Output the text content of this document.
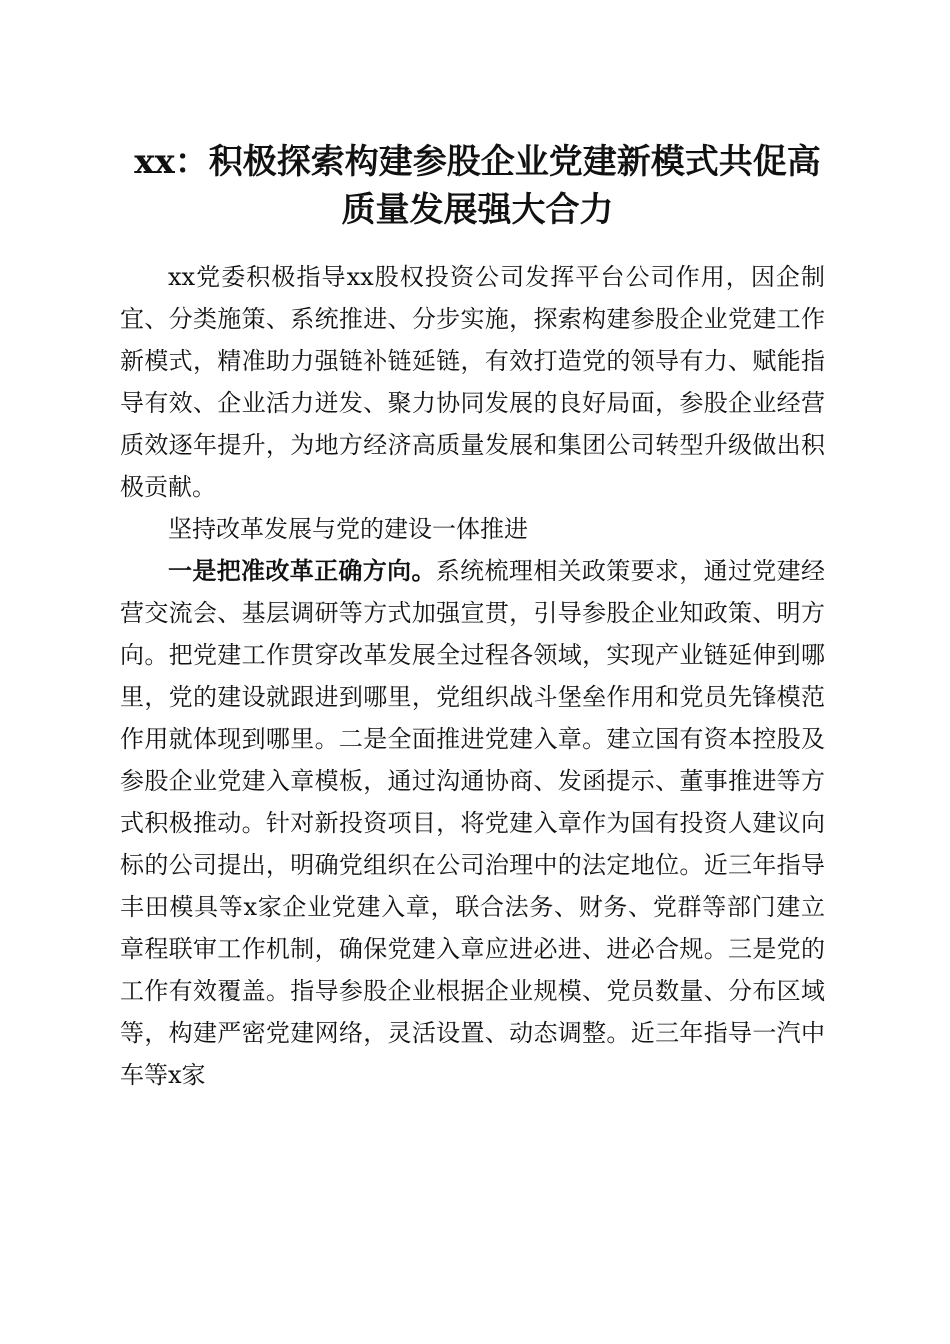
xx：积极探索构建参股企业党建新模式共促高质量发展强大合力

xx党委积极指导xx股权投资公司发挥平台公司作用，因企制宜、分类施策、系统推进、分步实施，探索构建参股企业党建工作新模式，精准助力强链补链延链，有效打造党的领导有力、赋能指导有效、企业活力迸发、聚力协同发展的良好局面，参股企业经营质效逐年提升，为地方经济高质量发展和集团公司转型升级做出积极贡献。

坚持改革发展与党的建设一体推进

一是把准改革正确方向。系统梳理相关政策要求，通过党建经营交流会、基层调研等方式加强宣贯，引导参股企业知政策、明方向。把党建工作贯穿改革发展全过程各领域，实现产业链延伸到哪里，党的建设就跟进到哪里，党组织战斗堡垒作用和党员先锋模范作用就体现到哪里。二是全面推进党建入章。建立国有资本控股及参股企业党建入章模板，通过沟通协商、发函提示、董事推进等方式积极推动。针对新投资项目，将党建入章作为国有投资人建议向标的公司提出，明确党组织在公司治理中的法定地位。近三年指导丰田模具等x家企业党建入章，联合法务、财务、党群等部门建立章程联审工作机制，确保党建入章应进必进、进必合规。三是党的工作有效覆盖。指导参股企业根据企业规模、党员数量、分布区域等，构建严密党建网络，灵活设置、动态调整。近三年指导一汽中车等x家
